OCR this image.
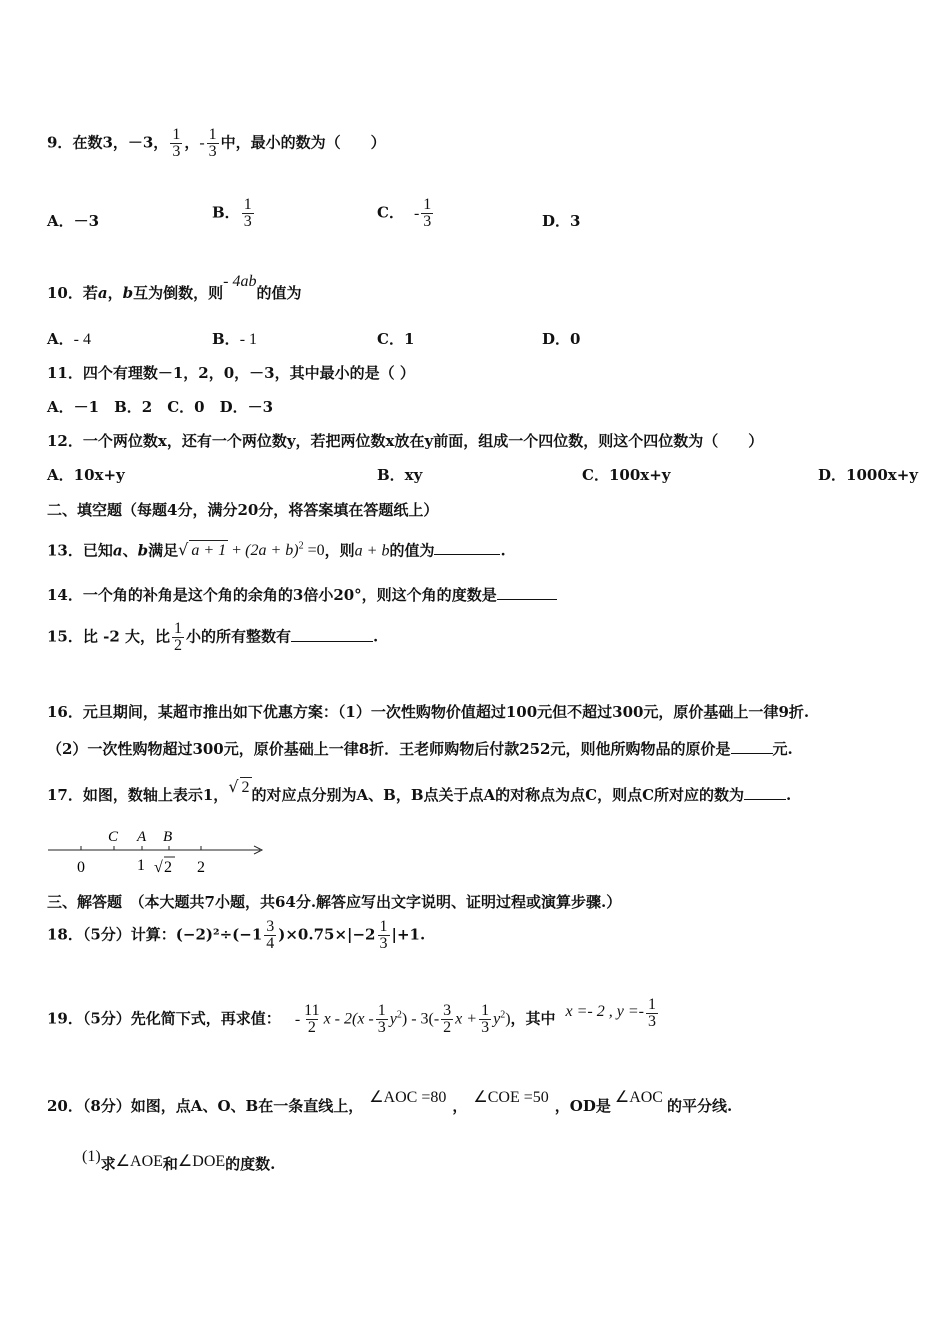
9．在数3，－3， $\frac{1}{3}$ ，- $\frac{1}{3}$ 中，最小的数为（　　）
A．－3	B． $\frac{1}{3}$	C． - $\frac{1}{3}$	D．3
10．若a，b互为倒数，则- 4ab的值为
A．- 4	B．- 1	C．1	D．0
11．四个有理数－1，2，0，－3，其中最小的是（ ）
A．－1　B．2　C．0　D．－3
12．一个两位数x，还有一个两位数y，若把两位数x放在y前面，组成一个四位数，则这个四位数为（　　）
A．10x+y	B．xy	C．100x+y	D．1000x+y
二、填空题（每题4分，满分20分，将答案填在答题纸上）
13．已知a、b满足√ $a + 1 + (2a + b)^2 =0$，则a + b的值为	.
14．一个角的补角是这个角的余角的3倍小20°，则这个角的度数是
15．比 -2 大，比 $\frac{1}{2}$ 小的所有整数有	.
16．元旦期间，某超市推出如下优惠方案：（1）一次性购物价值超过100元但不超过300元，原价基础上一律9折.
（2）一次性购物超过300元，原价基础上一律8折．王老师购物后付款252元，则他所购物品的原价是	元.
17．如图，数轴上表示1，√ 2 的对应点分别为A、B，B点关于点A的对称点为点C，则点C所对应的数为	.
C A B
0	1 √ 2 2
三、解答题　（本大题共7小题，共64分.解答应写出文字说明、证明过程或演算步骤.）
18．（5分）计算：$(-2)^2\div(-1 \frac{3}{4} )\times 0.75\times|-2 \frac{1}{3} |+1$.
19．（5分）先化简下式，再求值： - $\frac{11}{2}$ x - $2(x - \frac{1}{3} y^2) - 3(- \frac{3}{2}$ $x + \frac{1}{3} y^2$)，其中 x =- 2 , $y =- \frac{1}{3}$
20．（8分）如图，点A、O、B在一条直线上， ∠AOC =80 ， ∠COE =50 ，OD是 ∠AOC 的平分线.
(1)求∠AOE和∠DOE的度数.
